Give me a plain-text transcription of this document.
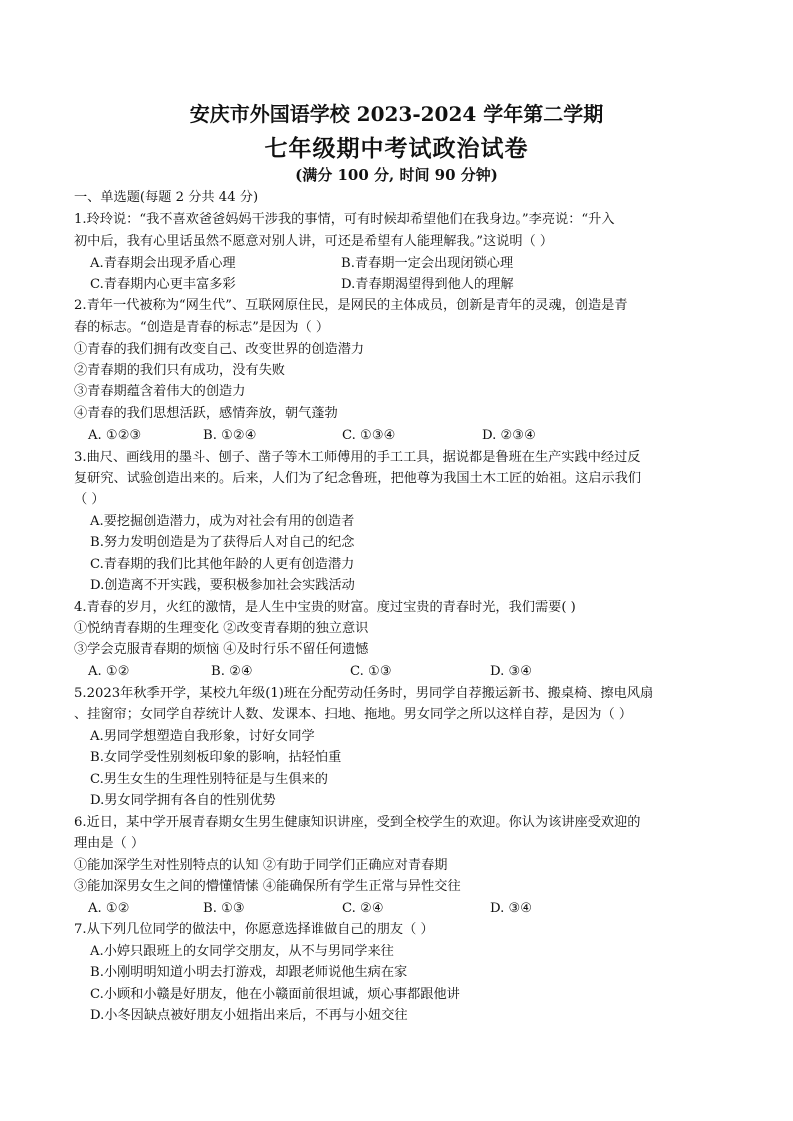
安庆市外国语学校 2023-2024 学年第二学期
七年级期中考试政治试卷
(满分 100 分, 时间 90 分钟)
一、单选题(每题 2 分共 44 分)
1.玲玲说：“我不喜欢爸爸妈妈干涉我的事情，可有时候却希望他们在我身边。”李亮说：“升入
初中后，我有心里话虽然不愿意对别人讲，可还是希望有人能理解我。”这说明（ ）
A.青春期会出现矛盾心理	B.青春期一定会出现闭锁心理
C.青春期内心更丰富多彩	D.青春期渴望得到他人的理解
2.青年一代被称为“网生代”、互联网原住民，是网民的主体成员，创新是青年的灵魂，创造是青
春的标志。“创造是青春的标志”是因为（ ）
①青春的我们拥有改变自己、改变世界的创造潜力
②青春期的我们只有成功，没有失败
③青春期蕴含着伟大的创造力
④青春的我们思想活跃，感情奔放，朝气蓬勃
A. ①②③	B. ①②④	C. ①③④	D. ②③④
3.曲尺、画线用的墨斗、刨子、凿子等木工师傅用的手工工具，据说都是鲁班在生产实践中经过反
复研究、试验创造出来的。后来，人们为了纪念鲁班，把他尊为我国土木工匠的始祖。这启示我们
（ ）
A.要挖掘创造潜力，成为对社会有用的创造者
B.努力发明创造是为了获得后人对自己的纪念
C.青春期的我们比其他年龄的人更有创造潜力
D.创造离不开实践，要积极参加社会实践活动
4.青春的岁月，火红的激情，是人生中宝贵的财富。度过宝贵的青春时光，我们需要( )
①悦纳青春期的生理变化 ②改变青春期的独立意识
③学会克服青春期的烦恼 ④及时行乐不留任何遗憾
A. ①②	B. ②④	C. ①③	D. ③④
5.2023年秋季开学，某校九年级(1)班在分配劳动任务时，男同学自荐搬运新书、搬桌椅、擦电风扇
、挂窗帘；女同学自荐统计人数、发课本、扫地、拖地。男女同学之所以这样自荐，是因为（ ）
A.男同学想塑造自我形象，讨好女同学
B.女同学受性别刻板印象的影响，拈轻怕重
C.男生女生的生理性别特征是与生俱来的
D.男女同学拥有各自的性别优势
6.近日，某中学开展青春期女生男生健康知识讲座，受到全校学生的欢迎。你认为该讲座受欢迎的
理由是（ ）
①能加深学生对性别特点的认知 ②有助于同学们正确应对青春期
③能加深男女生之间的懵懂情愫 ④能确保所有学生正常与异性交往
A. ①②	B. ①③	C. ②④	D. ③④
7.从下列几位同学的做法中，你愿意选择谁做自己的朋友（ ）
A.小婷只跟班上的女同学交朋友，从不与男同学来往
B.小刚明明知道小明去打游戏，却跟老师说他生病在家
C.小顾和小赣是好朋友，他在小赣面前很坦诚，烦心事都跟他讲
D.小冬因缺点被好朋友小妞指出来后，不再与小妞交往
